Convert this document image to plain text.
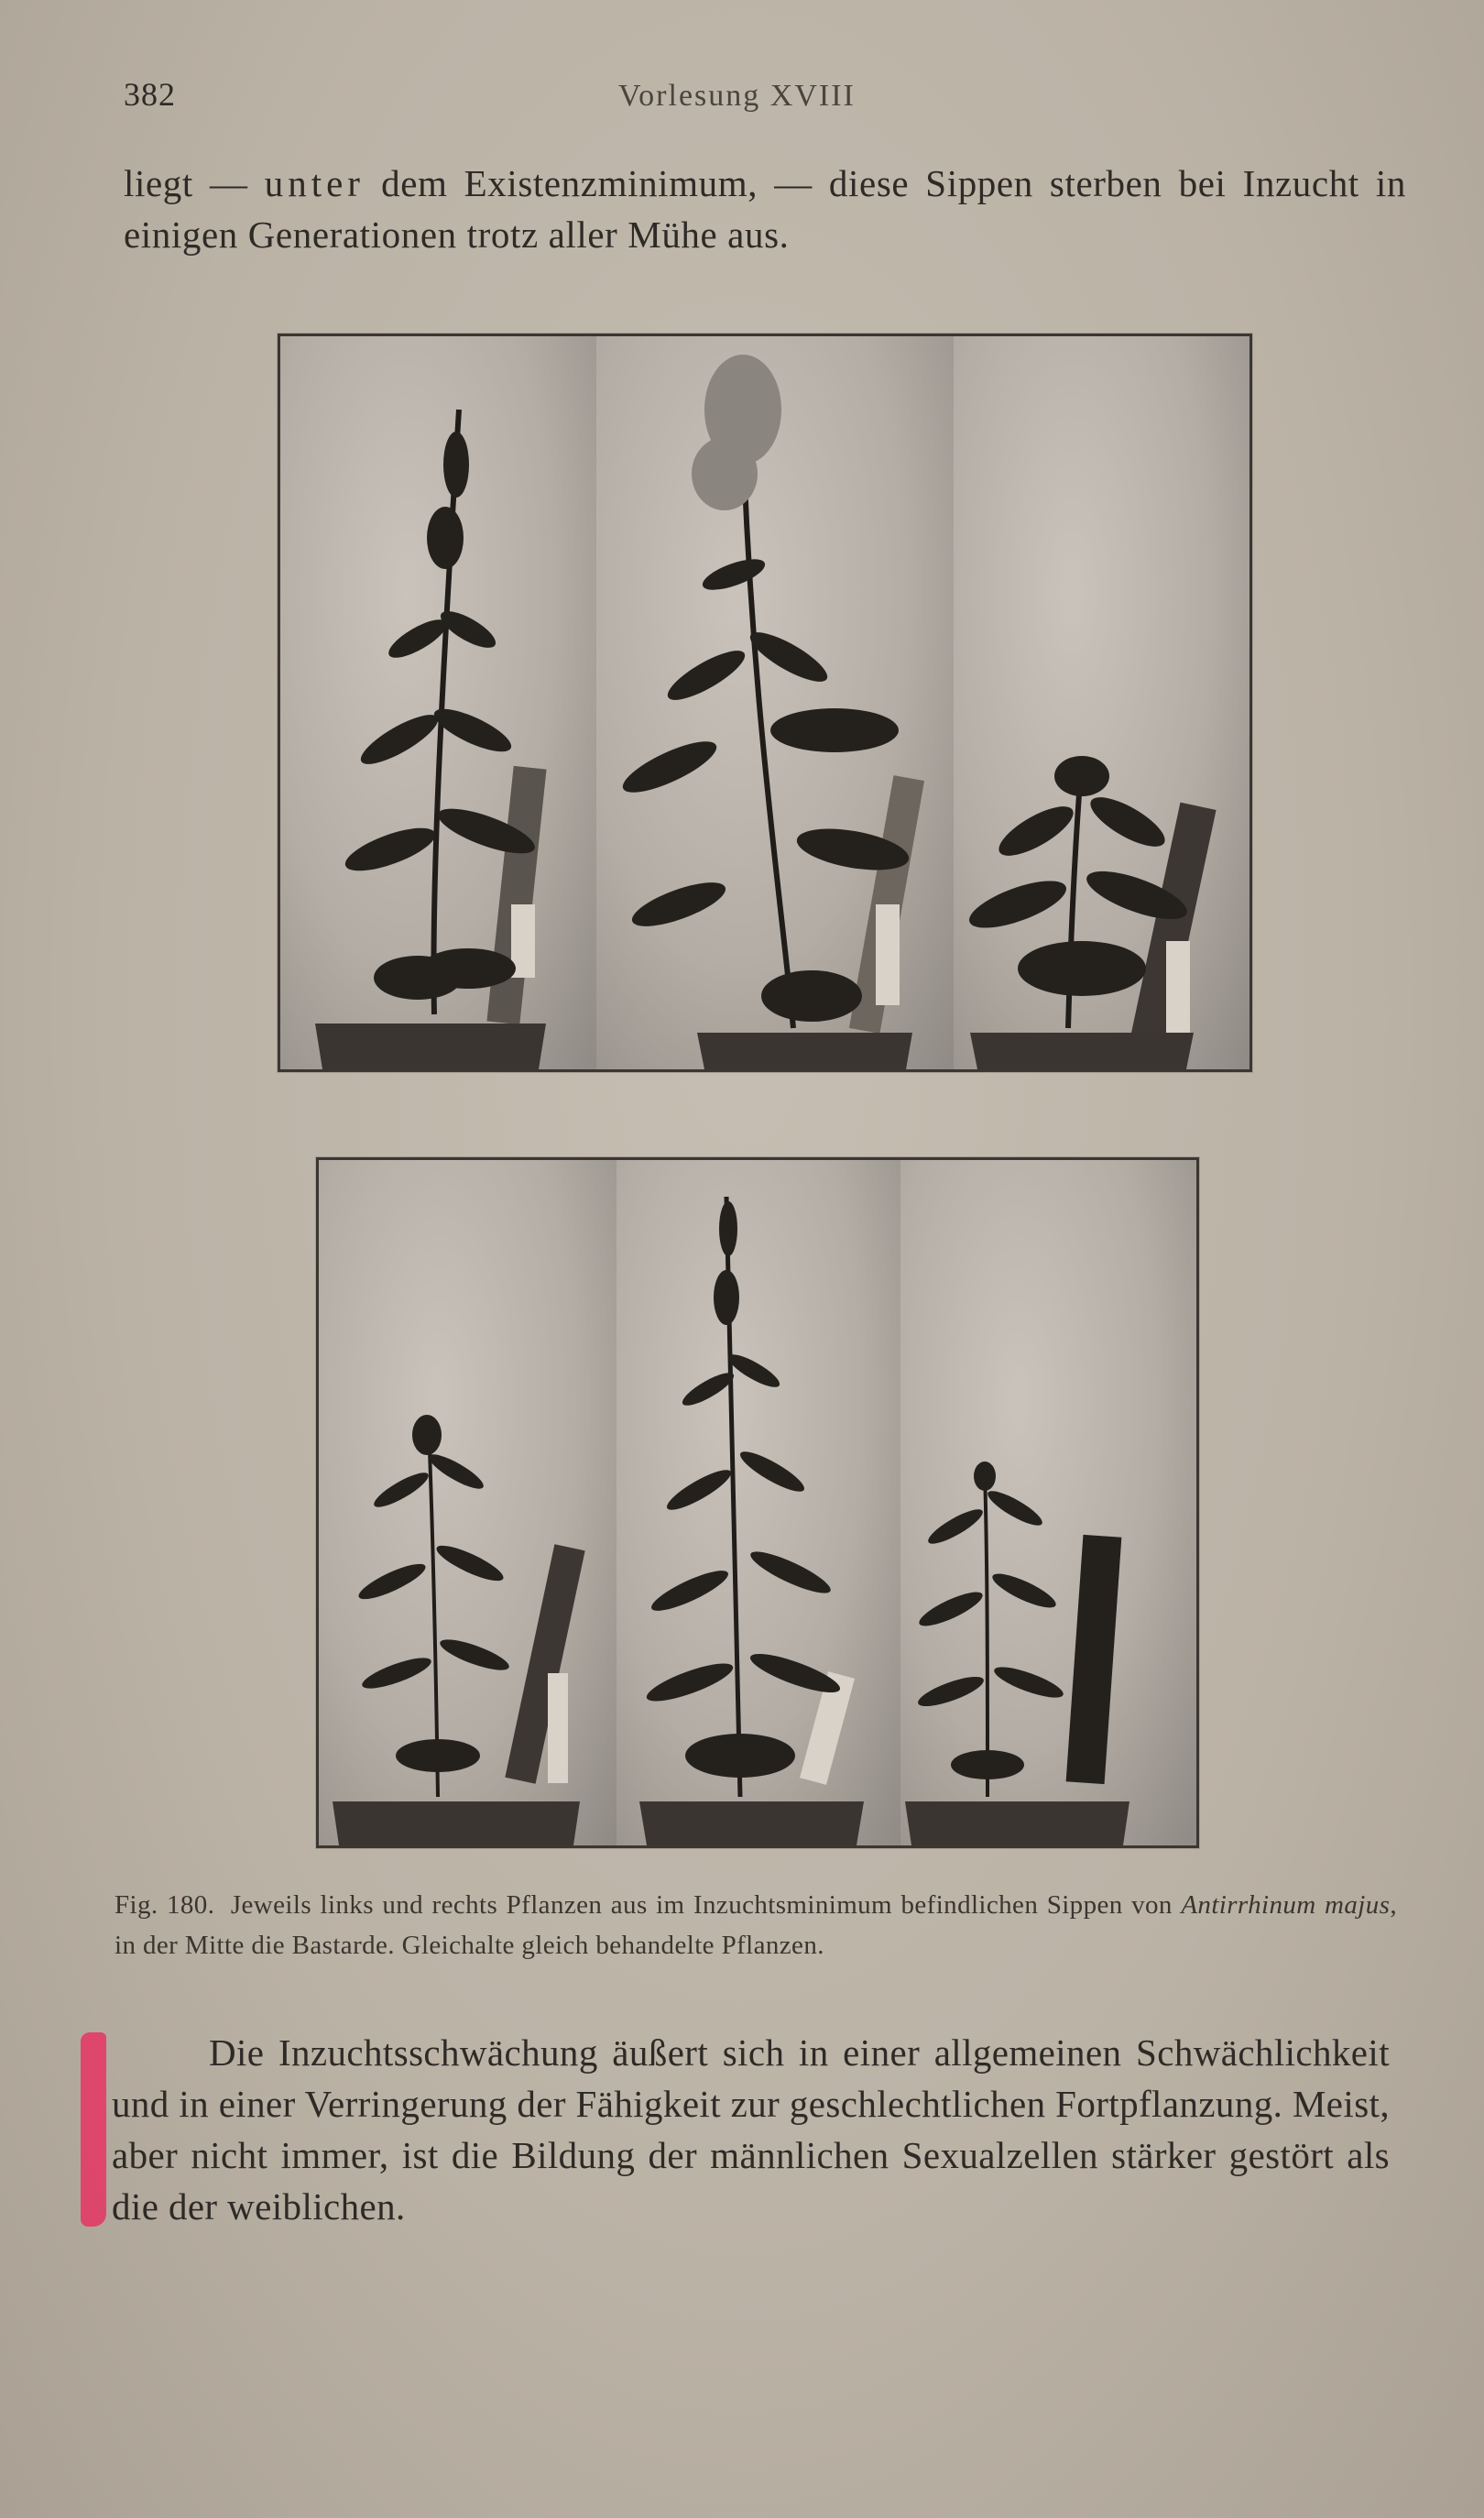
382	Vorlesung XVIII
liegt — unter dem Existenzminimum, — diese Sippen sterben bei Inzucht in einigen Generationen trotz aller Mühe aus.
Fig. 180. Jeweils links und rechts Pflanzen aus im Inzuchtsminimum befindlichen Sippen von Antirrhinum majus, in der Mitte die Bastarde. Gleichalte gleich behandelte Pflanzen.
Die Inzuchtsschwächung äußert sich in einer allgemeinen Schwächlichkeit und in einer Verringerung der Fähigkeit zur geschlechtlichen Fortpflanzung. Meist, aber nicht immer, ist die Bildung der männlichen Sexualzellen stärker gestört als die der weiblichen.
